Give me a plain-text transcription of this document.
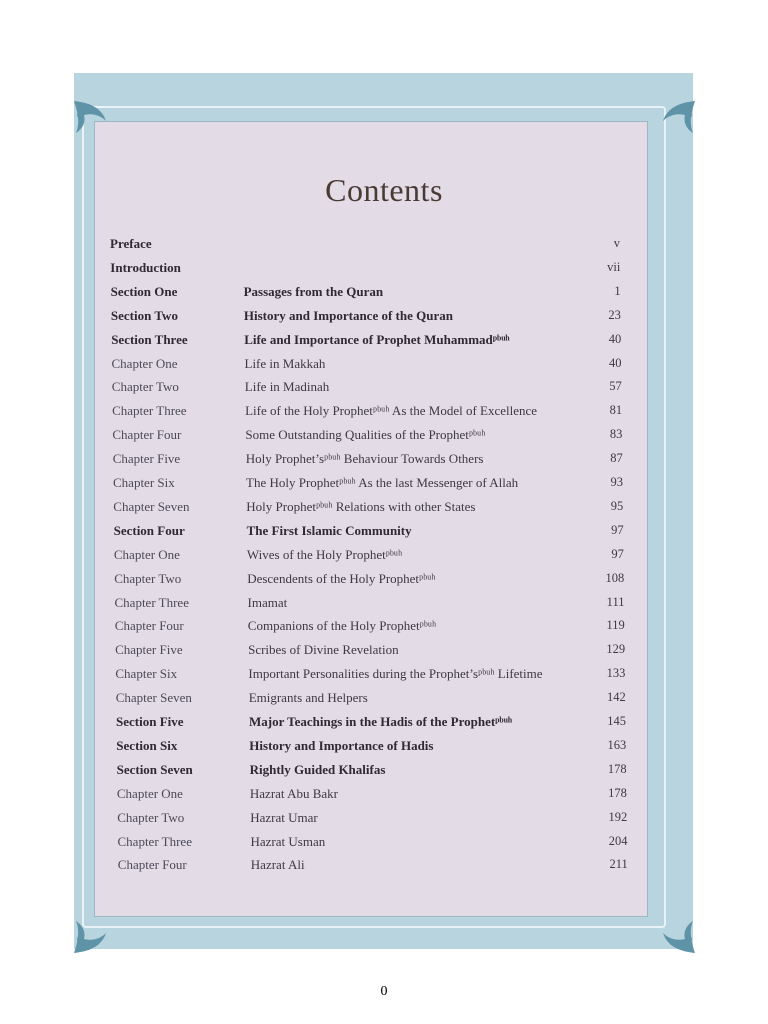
Contents
Preface	v
Introduction	vii
Section One	Passages from the Quran	1
Section Two	History and Importance of the Quran	23
Section Three	Life and Importance of Prophet Muhammadᵖᵇᵘʰ	40
Chapter One	Life in Makkah	40
Chapter Two	Life in Madinah	57
Chapter Three	Life of the Holy Prophetᵖᵇᵘʰ As the Model of Excellence	81
Chapter Four	Some Outstanding Qualities of the Prophetᵖᵇᵘʰ	83
Chapter Five	Holy Prophet’sᵖᵇᵘʰ Behaviour Towards Others	87
Chapter Six	The Holy Prophetᵖᵇᵘʰ As the last Messenger of Allah	93
Chapter Seven	Holy Prophetᵖᵇᵘʰ Relations with other States	95
Section Four	The First Islamic Community	97
Chapter One	Wives of the Holy Prophetᵖᵇᵘʰ	97
Chapter Two	Descendents of the Holy Prophetᵖᵇᵘʰ	108
Chapter Three	Imamat	111
Chapter Four	Companions of the Holy Prophetᵖᵇᵘʰ	119
Chapter Five	Scribes of Divine Revelation	129
Chapter Six	Important Personalities during the Prophet’sᵖᵇᵘʰ Lifetime	133
Chapter Seven	Emigrants and Helpers	142
Section Five	Major Teachings in the Hadis of the Prophetᵖᵇᵘʰ	145
Section Six	History and Importance of Hadis	163
Section Seven	Rightly Guided Khalifas	178
Chapter One	Hazrat Abu Bakr	178
Chapter Two	Hazrat Umar	192
Chapter Three	Hazrat Usman	204
Chapter Four	Hazrat Ali	211
0
